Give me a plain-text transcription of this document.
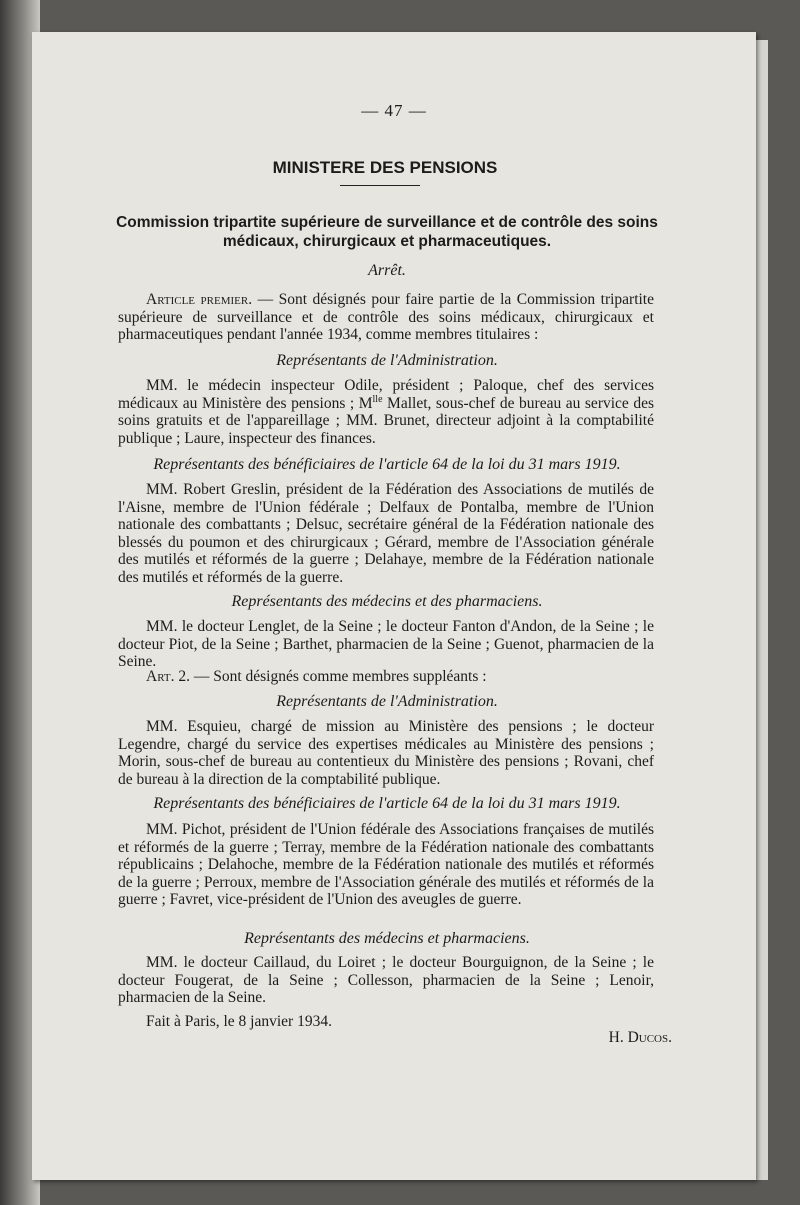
— 47 —
MINISTERE DES PENSIONS
Commission tripartite supérieure de surveillance et de contrôle des soins médicaux, chirurgicaux et pharmaceutiques.
Arrêt.
Article premier. — Sont désignés pour faire partie de la Commission tripartite supérieure de surveillance et de contrôle des soins médicaux, chirurgicaux et pharmaceutiques pendant l'année 1934, comme membres titulaires :
Représentants de l'Administration.
MM. le médecin inspecteur Odile, président ; Paloque, chef des services médicaux au Ministère des pensions ; $M^{lle}$ Mallet, sous-chef de bureau au service des soins gratuits et de l'appareillage ; MM. Brunet, directeur adjoint à la comptabilité publique ; Laure, inspecteur des finances.
Représentants des bénéficiaires de l'article 64 de la loi du 31 mars 1919.
MM. Robert Greslin, président de la Fédération des Associations de mutilés de l'Aisne, membre de l'Union fédérale ; Delfaux de Pontalba, membre de l'Union nationale des combattants ; Delsuc, secrétaire général de la Fédération nationale des blessés du poumon et des chirurgicaux ; Gérard, membre de l'Association générale des mutilés et réformés de la guerre ; Delahaye, membre de la Fédération nationale des mutilés et réformés de la guerre.
Représentants des médecins et des pharmaciens.
MM. le docteur Lenglet, de la Seine ; le docteur Fanton d'Andon, de la Seine ; le docteur Piot, de la Seine ; Barthet, pharmacien de la Seine ; Guenot, pharmacien de la Seine.
Art. 2. — Sont désignés comme membres suppléants :
Représentants de l'Administration.
MM. Esquieu, chargé de mission au Ministère des pensions ; le docteur Legendre, chargé du service des expertises médicales au Ministère des pensions ; Morin, sous-chef de bureau au contentieux du Ministère des pensions ; Rovani, chef de bureau à la direction de la comptabilité publique.
Représentants des bénéficiaires de l'article 64 de la loi du 31 mars 1919.
MM. Pichot, président de l'Union fédérale des Associations françaises de mutilés et réformés de la guerre ; Terray, membre de la Fédération nationale des combattants républicains ; Delahoche, membre de la Fédération nationale des mutilés et réformés de la guerre ; Perroux, membre de l'Association générale des mutilés et réformés de la guerre ; Favret, vice-président de l'Union des aveugles de guerre.
Représentants des médecins et pharmaciens.
MM. le docteur Caillaud, du Loiret ; le docteur Bourguignon, de la Seine ; le docteur Fougerat, de la Seine ; Collesson, pharmacien de la Seine ; Lenoir, pharmacien de la Seine.
Fait à Paris, le 8 janvier 1934.
H. Ducos.
